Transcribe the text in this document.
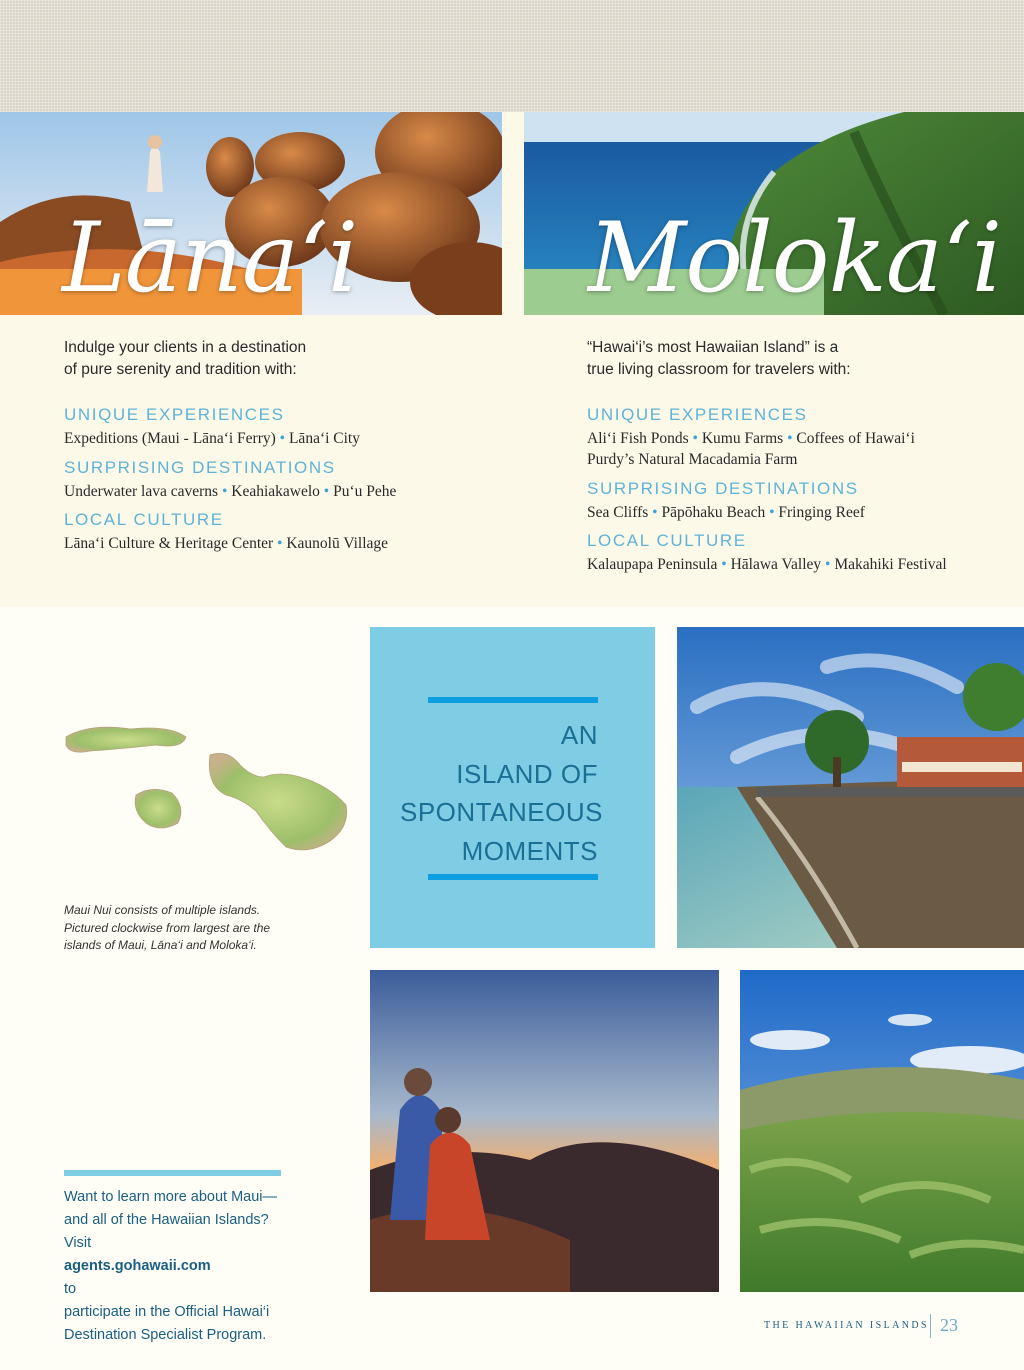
Lāna‘i Moloka‘i
Indulge your clients in a destination
of pure serenity and tradition with:
UNIQUE EXPERIENCES
Expeditions (Maui - Lāna‘i Ferry) • Lāna‘i City
SURPRISING DESTINATIONS
Underwater lava caverns • Keahiakawelo • Pu‘u Pehe
LOCAL CULTURE
Lāna‘i Culture & Heritage Center • Kaunolū Village
“Hawai‘i’s most Hawaiian Island” is a
true living classroom for travelers with:
UNIQUE EXPERIENCES
Ali‘i Fish Ponds • Kumu Farms • Coffees of Hawai‘i
Purdy’s Natural Macadamia Farm
SURPRISING DESTINATIONS
Sea Cliffs • Pāpōhaku Beach • Fringing Reef
LOCAL CULTURE
Kalaupapa Peninsula • Hālawa Valley • Makahiki Festival
Maui Nui consists of multiple islands.
Pictured clockwise from largest are the
islands of Maui, Lāna‘i and Moloka‘i.
AN
ISLAND OF
SPONTANEOUS
MOMENTS
Want to learn more about Maui—
and all of the Hawaiian Islands?
Visit
agents.gohawaii.com
to
participate in the Official Hawai‘i
Destination Specialist Program.
THE HAWAIIAN ISLANDS 23
